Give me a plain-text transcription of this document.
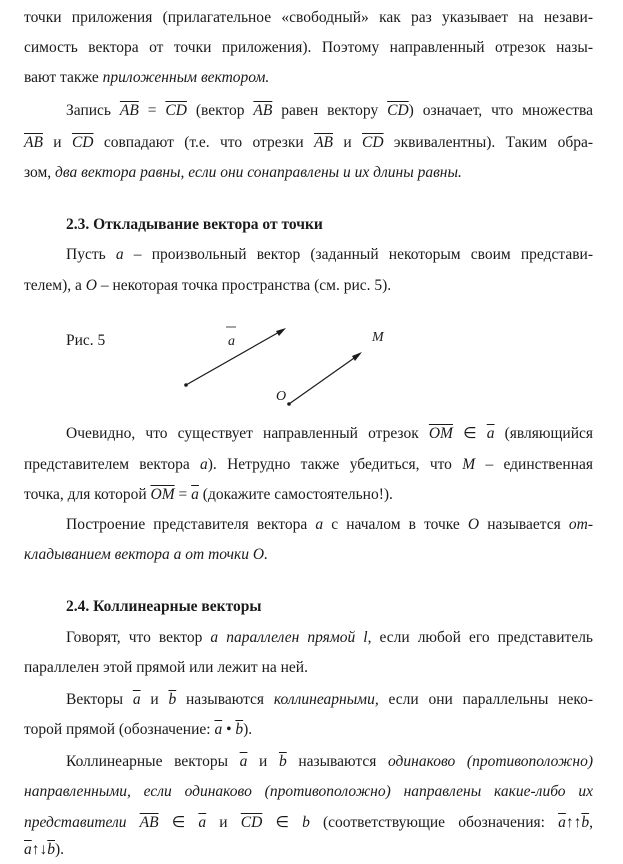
точки приложения (прилагательное «свободный» как раз указывает на незави-
симость вектора от точки приложения). Поэтому направленный отрезок назы-
вают также приложенным вектором.
Запись $\overline{AB} = \overline{CD}$ (вектор $\overline{AB}$ равен вектору $\overline{CD}$) означает, что множества
$\overline{AB}$ и $\overline{CD}$ совпадают (т.е. что отрезки $\overline{AB}$ и $\overline{CD}$ эквивалентны). Таким обра-
зом, два вектора равны, если они сонаправлены и их длины равны.
2.3. Откладывание вектора от точки
Пусть a – произвольный вектор (заданный некоторым своим представи-
телем), а O – некоторая точка пространства (см. рис. 5).
Рис. 5	a	M
O
Очевидно, что существует направленный отрезок $\overline{OM}$ ∈ $\overline{a}$ (являющийся
представителем вектора a). Нетрудно также убедиться, что M – единственная
точка, для которой $\overline{OM} = \overline{a}$ (докажите самостоятельно!).
Построение представителя вектора a с началом в точке O называется от-
кладыванием вектора a от точки O.
2.4. Коллинеарные векторы
Говорят, что вектор a параллелен прямой l, если любой его представитель
параллелен этой прямой или лежит на ней.
Векторы $\overline{a}$ и $\overline{b}$ называются коллинеарными, если они параллельны неко-
торой прямой (обозначение: $\overline{a}$ • $\overline{b}$).
Коллинеарные векторы $\overline{a}$ и $\overline{b}$ называются одинаково (противоположно)
направленными, если одинаково (противоположно) направлены какие-либо их
представители $\overline{AB}$ ∈ $\overline{a}$ и $\overline{CD}$ ∈ b (соответствующие обозначения: $\overline{a}↑↑\overline{b}$,
$\overline{a}↑↓\overline{b}$).
